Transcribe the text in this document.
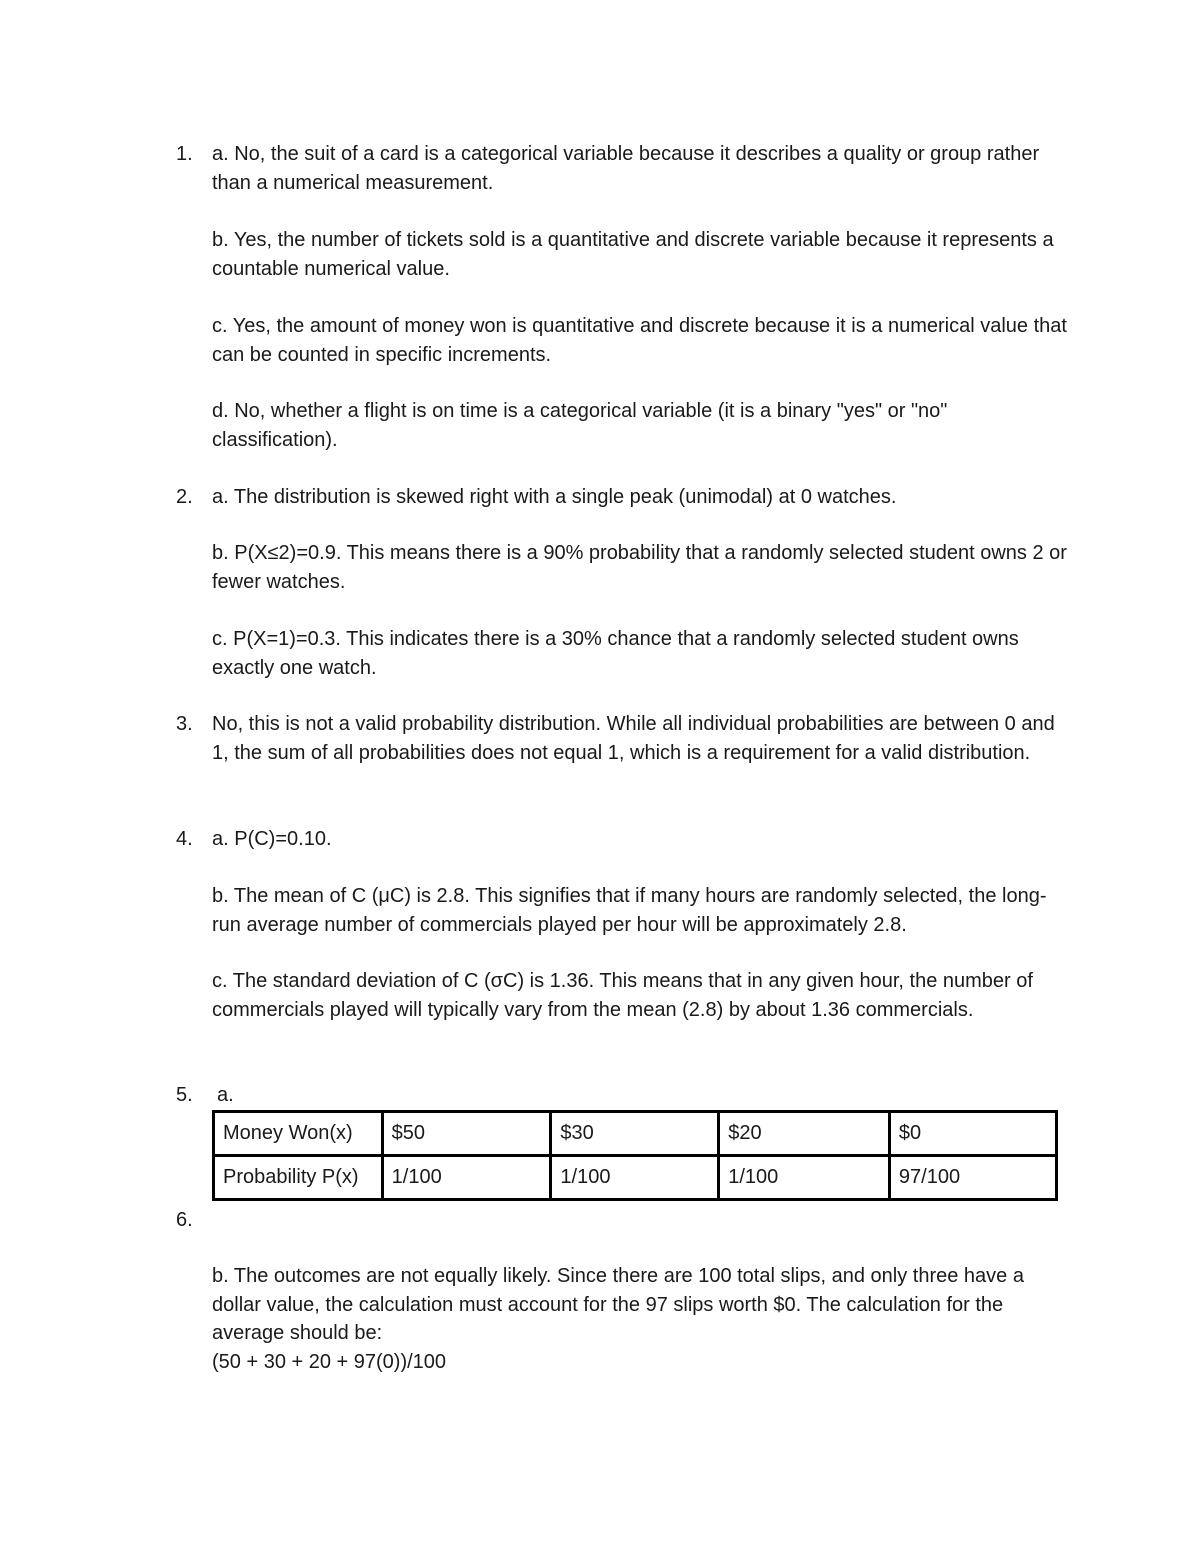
1. a. No, the suit of a card is a categorical variable because it describes a quality or group rather than a numerical measurement.

b. Yes, the number of tickets sold is a quantitative and discrete variable because it represents a countable numerical value.

c. Yes, the amount of money won is quantitative and discrete because it is a numerical value that can be counted in specific increments.

d. No, whether a flight is on time is a categorical variable (it is a binary "yes" or "no" classification).

2. a. The distribution is skewed right with a single peak (unimodal) at 0 watches.

b. P(X≤2)=0.9. This means there is a 90% probability that a randomly selected student owns 2 or fewer watches.

c. P(X=1)=0.3. This indicates there is a 30% chance that a randomly selected student owns exactly one watch.

3. No, this is not a valid probability distribution. While all individual probabilities are between 0 and 1, the sum of all probabilities does not equal 1, which is a requirement for a valid distribution.

4. a. P(C)=0.10.

b. The mean of C (μC) is 2.8. This signifies that if many hours are randomly selected, the long-run average number of commercials played per hour will be approximately 2.8.

c. The standard deviation of C (σC) is 1.36. This means that in any given hour, the number of commercials played will typically vary from the mean (2.8) by about 1.36 commercials.

5. a.
Money Won(x)	$50	$30	$20	$0
Probability P(x)	1/100	1/100	1/100	97/100
6.

b. The outcomes are not equally likely. Since there are 100 total slips, and only three have a dollar value, the calculation must account for the 97 slips worth $0. The calculation for the average should be:

(50 + 30 + 20 + 97(0))/100
